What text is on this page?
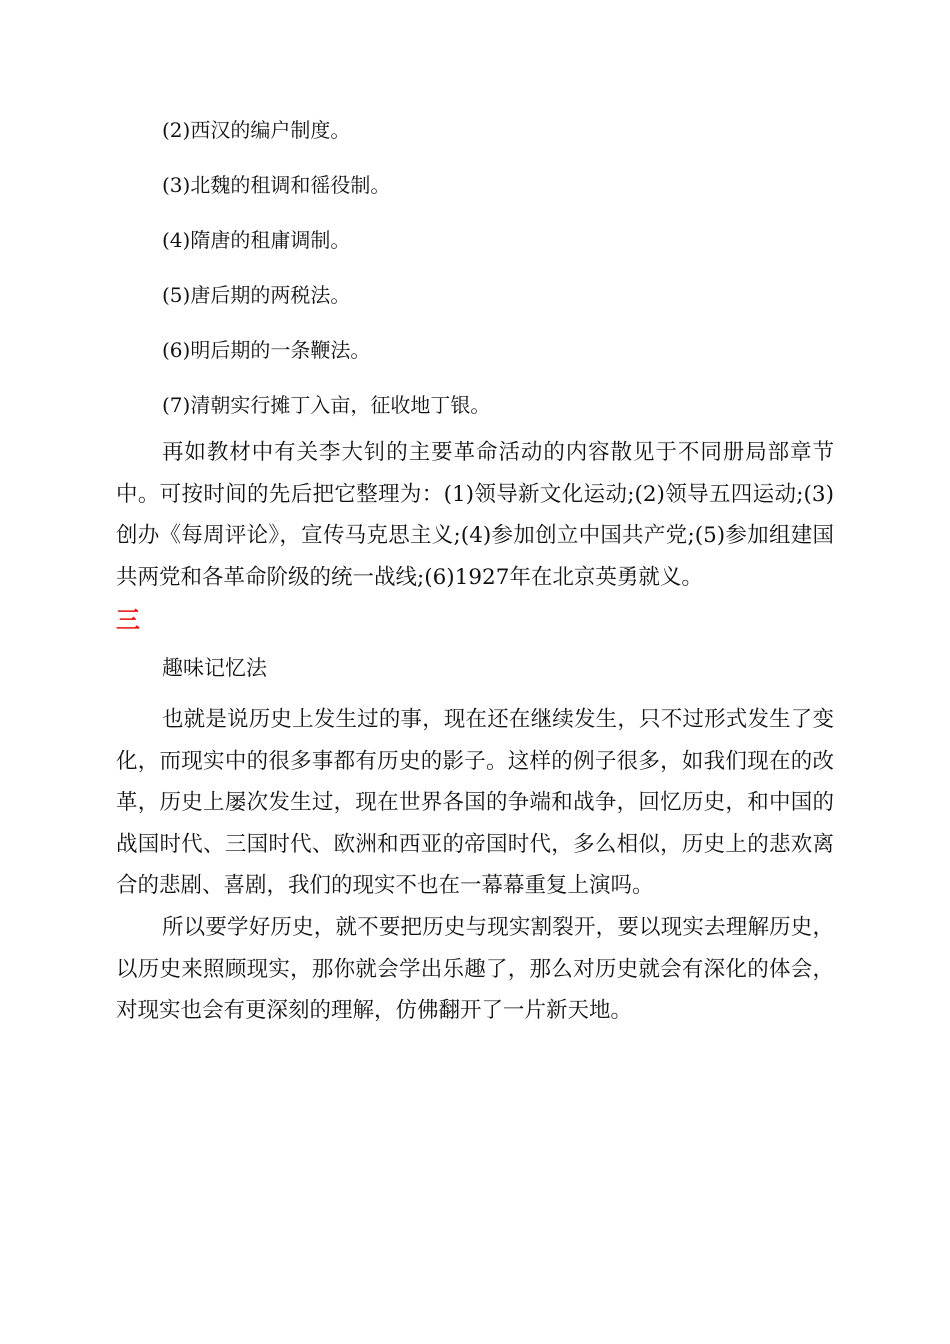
(2)西汉的编户制度。
(3)北魏的租调和徭役制。
(4)隋唐的租庸调制。
(5)唐后期的两税法。
(6)明后期的一条鞭法。
(7)清朝实行摊丁入亩，征收地丁银。

再如教材中有关李大钊的主要革命活动的内容散见于不同册局部章节中。可按时间的先后把它整理为：(1)领导新文化运动;(2)领导五四运动;(3)创办《每周评论》，宣传马克思主义;(4)参加创立中国共产党;(5)参加组建国共两党和各革命阶级的统一战线;(6)1927年在北京英勇就义。

三
趣味记忆法

也就是说历史上发生过的事，现在还在继续发生，只不过形式发生了变化，而现实中的很多事都有历史的影子。这样的例子很多，如我们现在的改革，历史上屡次发生过，现在世界各国的争端和战争，回忆历史，和中国的战国时代、三国时代、欧洲和西亚的帝国时代，多么相似，历史上的悲欢离合的悲剧、喜剧，我们的现实不也在一幕幕重复上演吗。

所以要学好历史，就不要把历史与现实割裂开，要以现实去理解历史，以历史来照顾现实，那你就会学出乐趣了，那么对历史就会有深化的体会，对现实也会有更深刻的理解，仿佛翻开了一片新天地。
